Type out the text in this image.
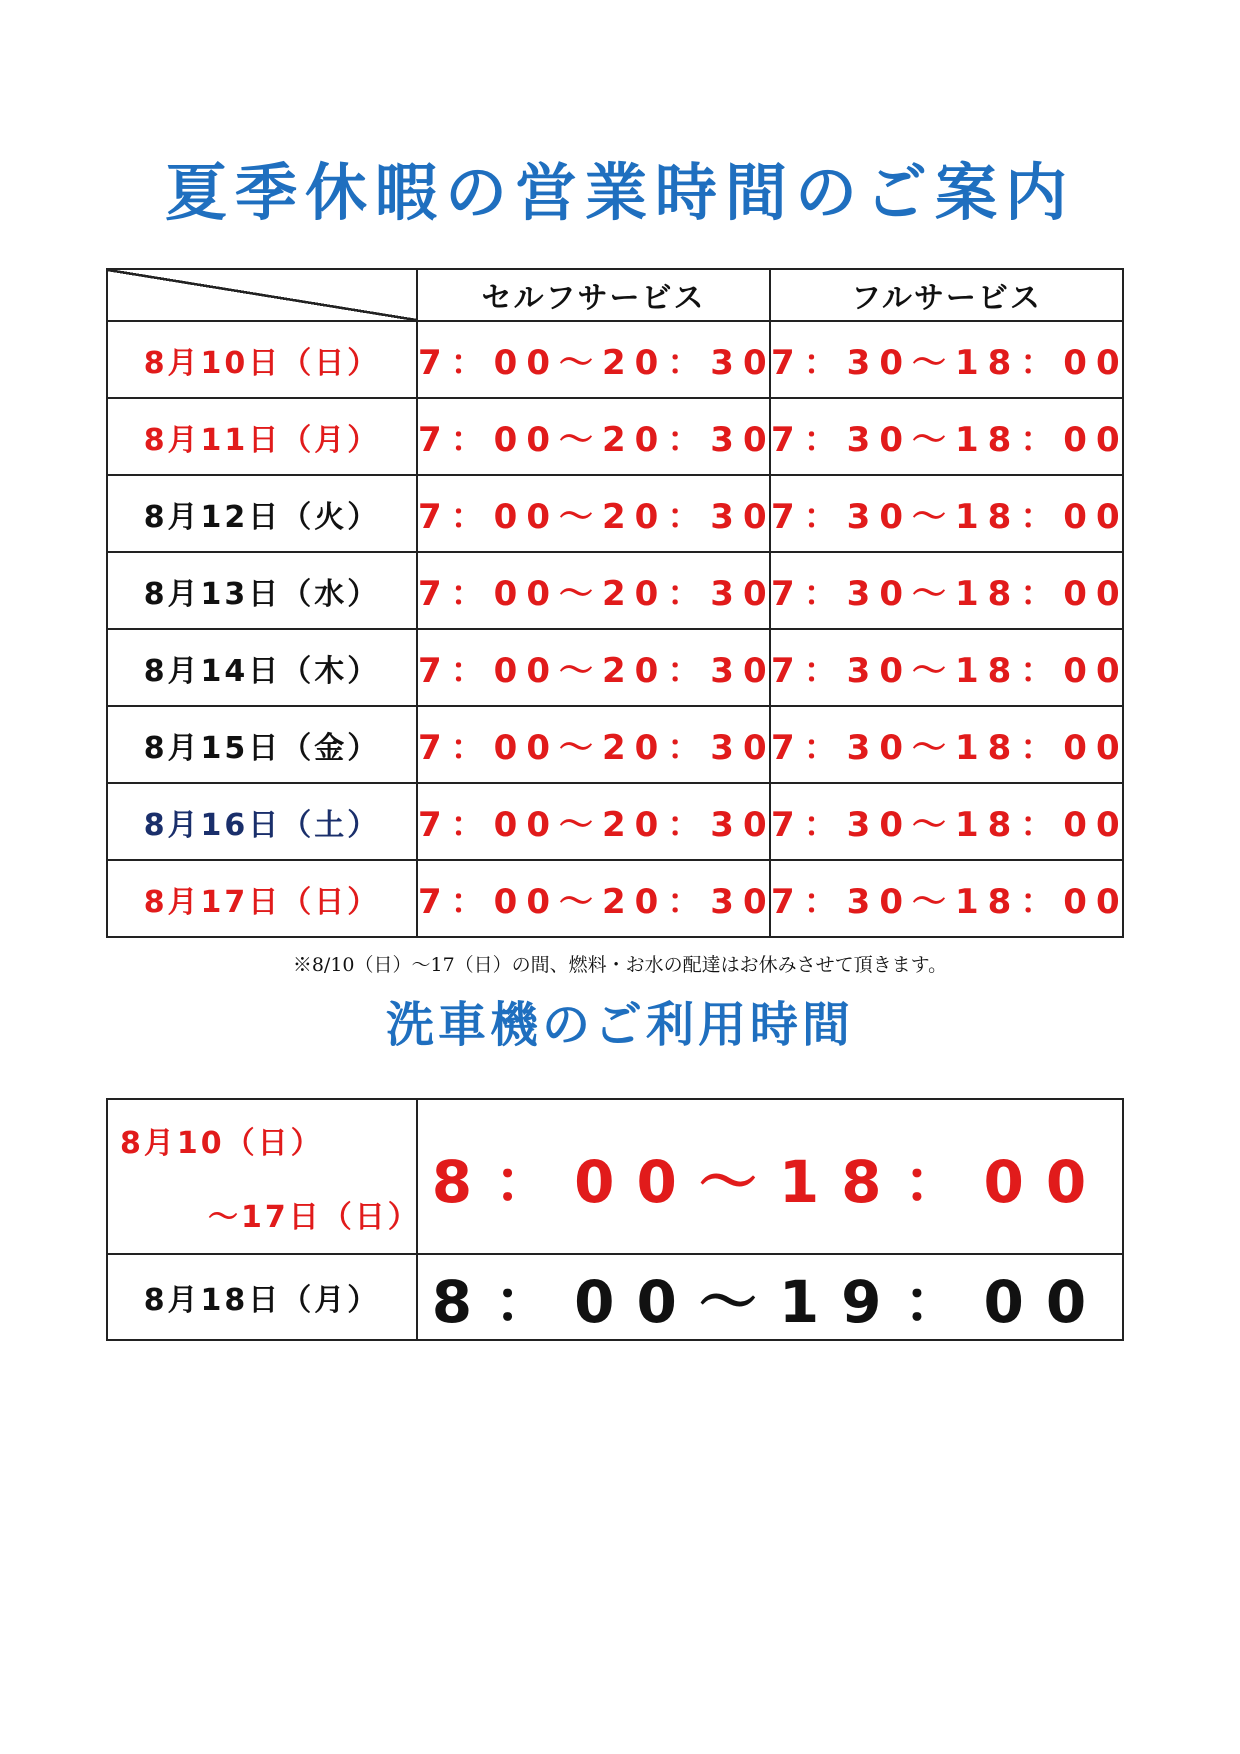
夏季休暇の営業時間のご案内
	セルフサービス	フルサービス
8月10日（日）	7：00～20：30	7：30～18：00
8月11日（月）	7：00～20：30	7：30～18：00
8月12日（火）	7：00～20：30	7：30～18：00
8月13日（水）	7：00～20：30	7：30～18：00
8月14日（木）	7：00～20：30	7：30～18：00
8月15日（金）	7：00～20：30	7：30～18：00
8月16日（土）	7：00～20：30	7：30～18：00
8月17日（日）	7：00～20：30	7：30～18：00
※8/10（日）～17（日）の間、燃料・お水の配達はお休みさせて頂きます。
洗車機のご利用時間
8月10（日）
～17日（日）	8：00～18：00
8月18日（月）	8：00～19：00
